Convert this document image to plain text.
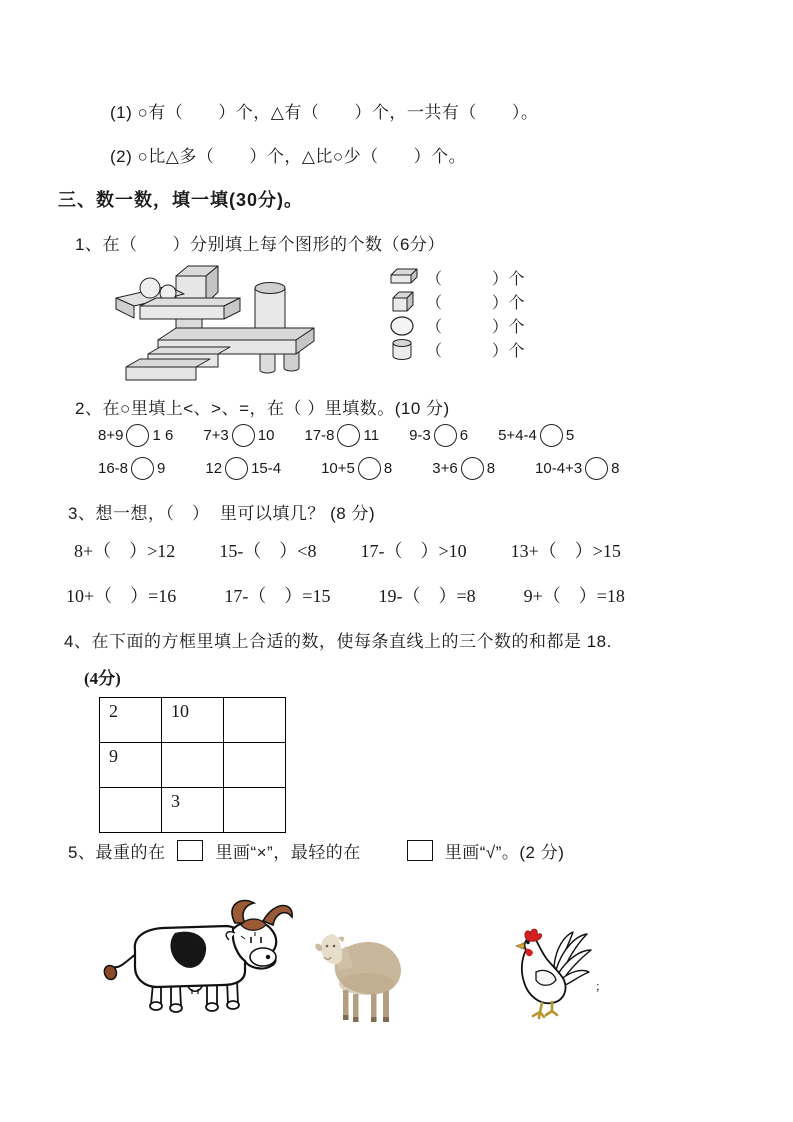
(1) ○有（　　）个，△有（　　）个，一共有（　　）。
(2) ○比△多（　　）个，△比○少（　　）个。
三、数一数，填一填(30分)。
1、在（　　）分别填上每个图形的个数（6分）
（　　　）个
（　　　）个
（　　　）个
（　　　）个
2、在○里填上<、>、=，在（ ）里填数。(10 分)
8+9 1 6 7+3 10 17-8 11 9-3 6 5+4-4 5
16-8 9	12 15-4	10+5 8	3+6 8	10-4+3 8
3、想一想，（　）  里可以填几？ (8 分)
8+（　）>12 15-（　）<8 17-（　）>10 13+（　）>15
10+（　）=16	17-（　）=15	19-（　）=8	9+（　）=18
4、在下面的方框里填上合适的数，使每条直线上的三个数的和都是 18.
(4分)
2	10	
9		
	3	
5、最重的在	里画“×”，最轻的在	里画“√”。(2 分)
;
